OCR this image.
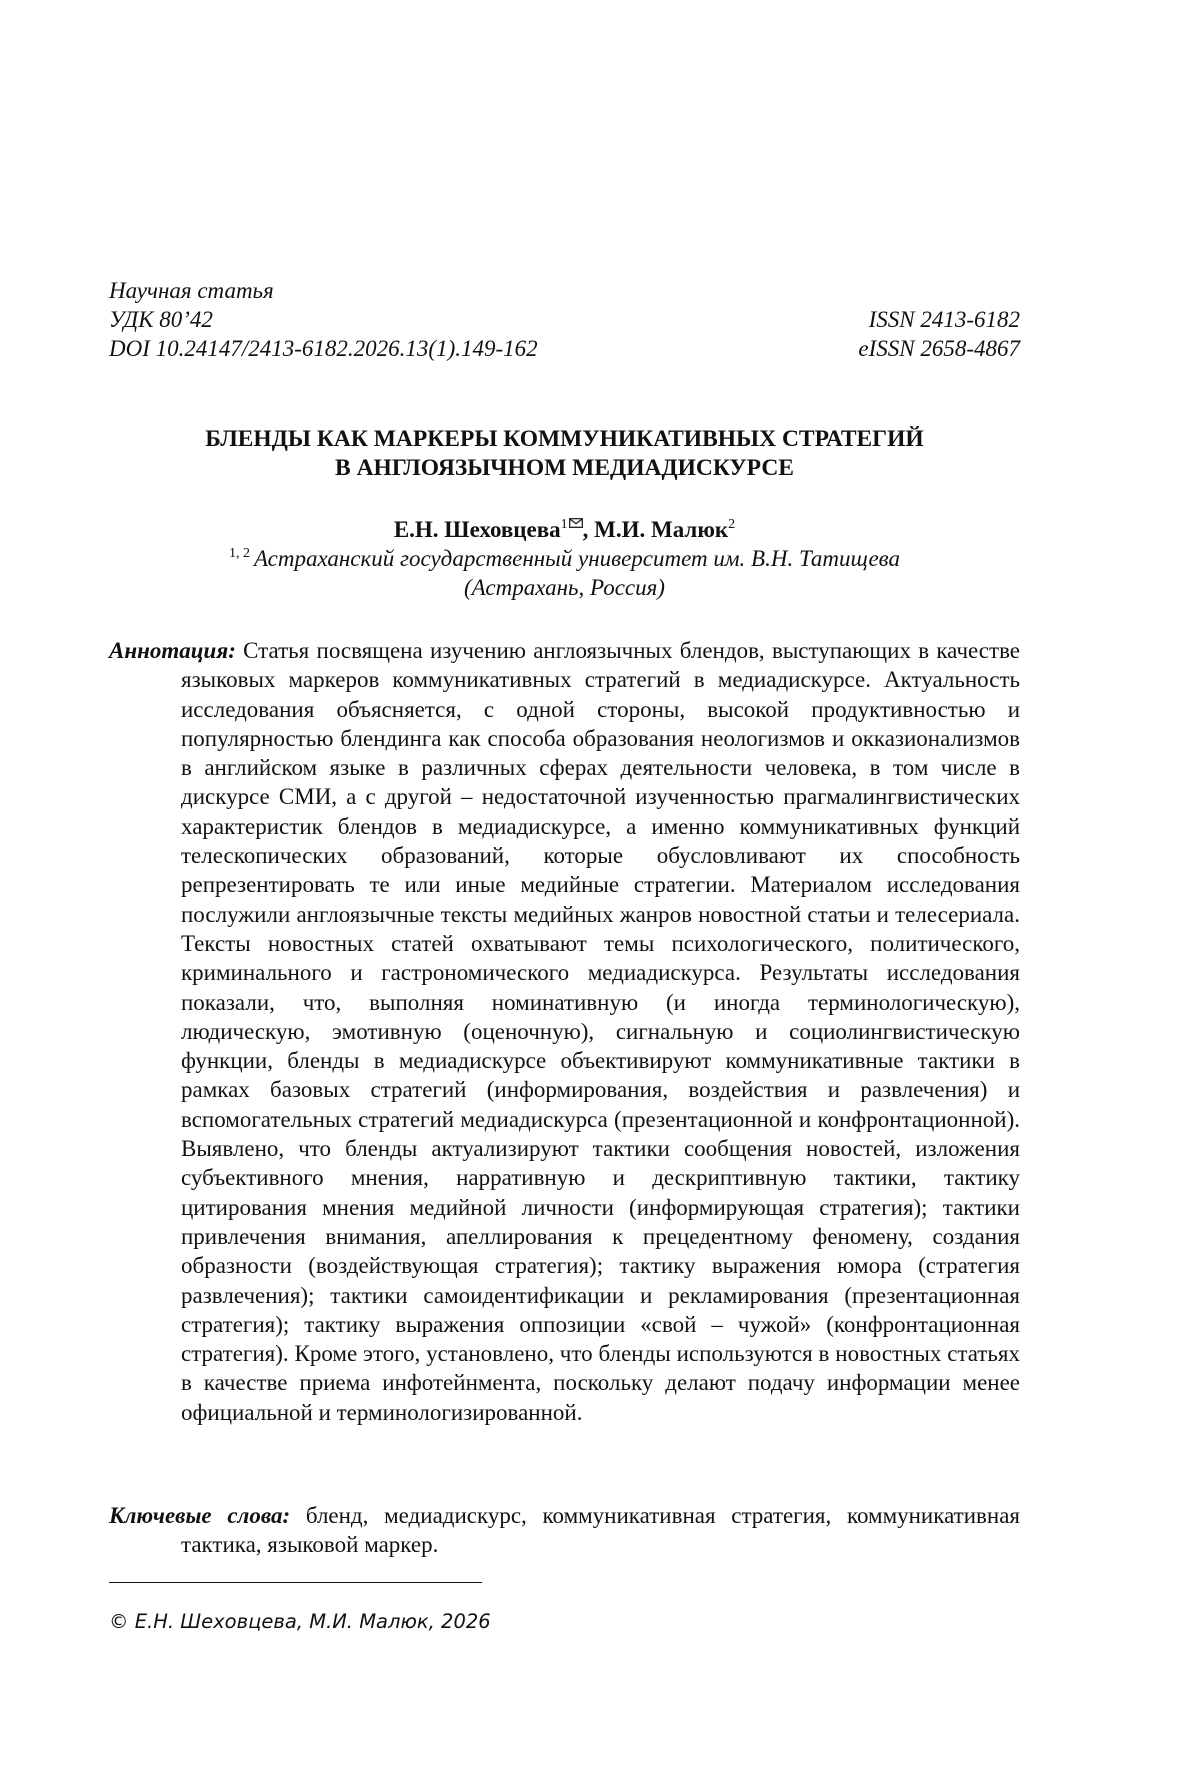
Научная статья
УДК 80’42	ISSN 2413-6182
DOI 10.24147/2413-6182.2026.13(1).149-162	eISSN 2658-4867
БЛЕНДЫ КАК МАРКЕРЫ КОММУНИКАТИВНЫХ СТРАТЕГИЙ
В АНГЛОЯЗЫЧНОМ МЕДИАДИСКУРСЕ
Е.Н. Шеховцева$^1$ , М.И. Малюк$^2$
$^{1, 2}$ Астраханский государственный университет им. В.Н. Татищева
(Астрахань, Россия)
Аннотация: Статья посвящена изучению англоязычных блендов, выступающих в качестве языковых маркеров коммуникативных стратегий в медиадискурсе. Актуальность исследования объясняется, с одной стороны, высокой продуктивностью и популярностью блендинга как способа образования неологизмов и окказионализмов в английском языке в различных сферах деятельности человека, в том числе в дискурсе СМИ, а с другой – недостаточной изученностью прагмалингвистических характеристик блендов в медиадискурсе, а именно коммуникативных функций телескопических образований, которые обусловливают их способность репрезентировать те или иные медийные стратегии. Материалом исследования послужили англоязычные тексты медийных жанров новостной статьи и телесериала. Тексты новостных статей охватывают темы психологического, политического, криминального и гастрономического медиадискурса. Результаты исследования показали, что, выполняя номинативную (и иногда терминологическую), людическую, эмотивную (оценочную), сигнальную и социолингвистическую функции, бленды в медиадискурсе объективируют коммуникативные тактики в рамках базовых стратегий (информирования, воздействия и развлечения) и вспомогательных стратегий медиадискурса (презентационной и конфронтационной). Выявлено, что бленды актуализируют тактики сообщения новостей, изложения субъективного мнения, нарративную и дескриптивную тактики, тактику цитирования мнения медийной личности (информирующая стратегия); тактики привлечения внимания, апеллирования к прецедентному феномену, создания образности (воздействующая стратегия); тактику выражения юмора (стратегия развлечения); тактики самоидентификации и рекламирования (презентационная стратегия); тактику выражения оппозиции «свой – чужой» (конфронтационная стратегия). Кроме этого, установлено, что бленды используются в новостных статьях в качестве приема инфотейнмента, поскольку делают подачу информации менее официальной и терминологизированной.
Ключевые слова: бленд, медиадискурс, коммуникативная стратегия, коммуникативная тактика, языковой маркер.
© Е.Н. Шеховцева, М.И. Малюк, 2026
